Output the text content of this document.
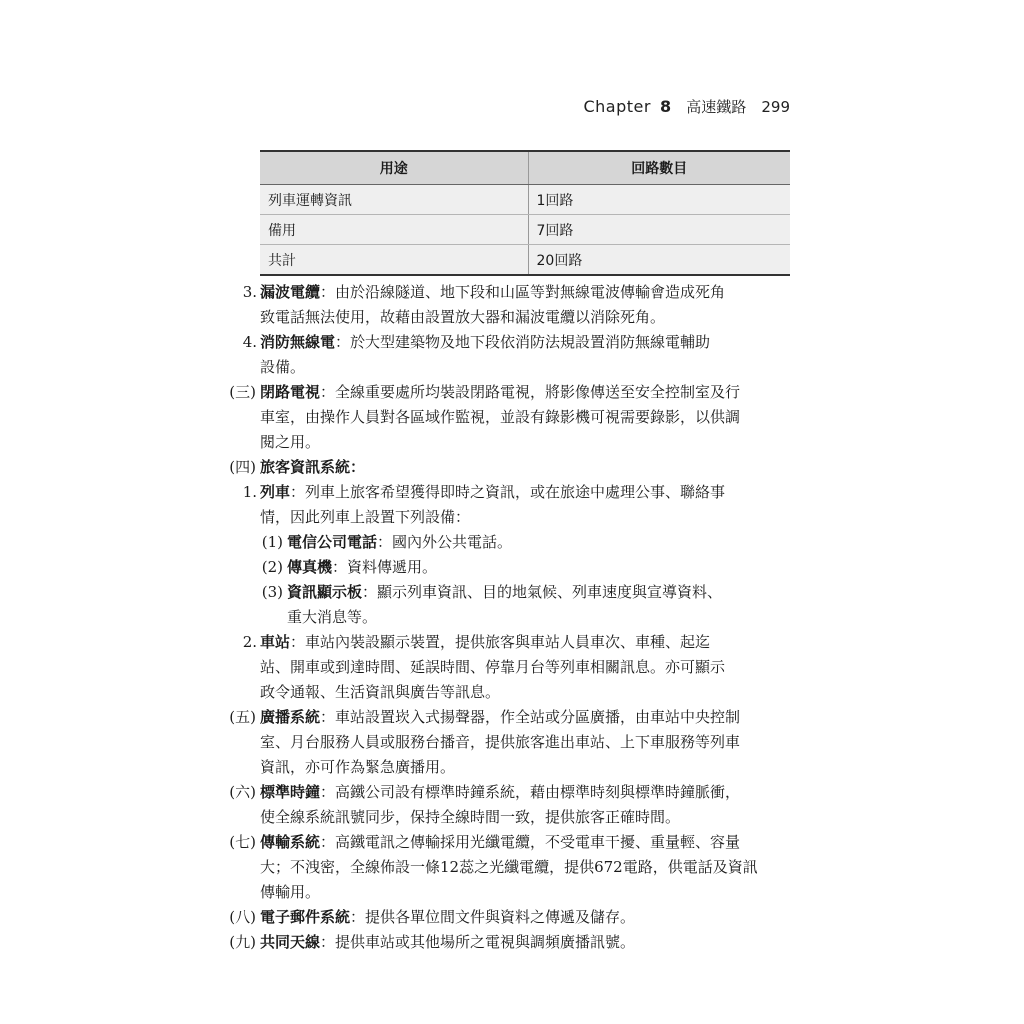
Chapter 8 高速鐵路 299
用途	回路數目
列車運轉資訊	1回路
備用	7回路
共計	20回路
3. 漏波電纜：由於沿線隧道、地下段和山區等對無線電波傳輸會造成死角
致電話無法使用，故藉由設置放大器和漏波電纜以消除死角。
4. 消防無線電：於大型建築物及地下段依消防法規設置消防無線電輔助
設備。
(三) 閉路電視：全線重要處所均裝設閉路電視，將影像傳送至安全控制室及行
車室，由操作人員對各區域作監視，並設有錄影機可視需要錄影，以供調
閱之用。
(四) 旅客資訊系統：
1. 列車：列車上旅客希望獲得即時之資訊，或在旅途中處理公事、聯絡事
情，因此列車上設置下列設備：
(1) 電信公司電話：國內外公共電話。
(2) 傳真機：資料傳遞用。
(3) 資訊顯示板：顯示列車資訊、目的地氣候、列車速度與宣導資料、
重大消息等。
2. 車站：車站內裝設顯示裝置，提供旅客與車站人員車次、車種、起迄
站、開車或到達時間、延誤時間、停靠月台等列車相關訊息。亦可顯示
政令通報、生活資訊與廣告等訊息。
(五) 廣播系統：車站設置崁入式揚聲器，作全站或分區廣播，由車站中央控制
室、月台服務人員或服務台播音，提供旅客進出車站、上下車服務等列車
資訊，亦可作為緊急廣播用。
(六) 標準時鐘：高鐵公司設有標準時鐘系統，藉由標準時刻與標準時鐘脈衝，
使全線系統訊號同步，保持全線時間一致，提供旅客正確時間。
(七) 傳輸系統：高鐵電訊之傳輸採用光纖電纜，不受電車干擾、重量輕、容量
大；不洩密，全線佈設一條12蕊之光纖電纜，提供672電路，供電話及資訊
傳輸用。
(八) 電子郵件系統：提供各單位間文件與資料之傳遞及儲存。
(九) 共同天線：提供車站或其他場所之電視與調頻廣播訊號。
